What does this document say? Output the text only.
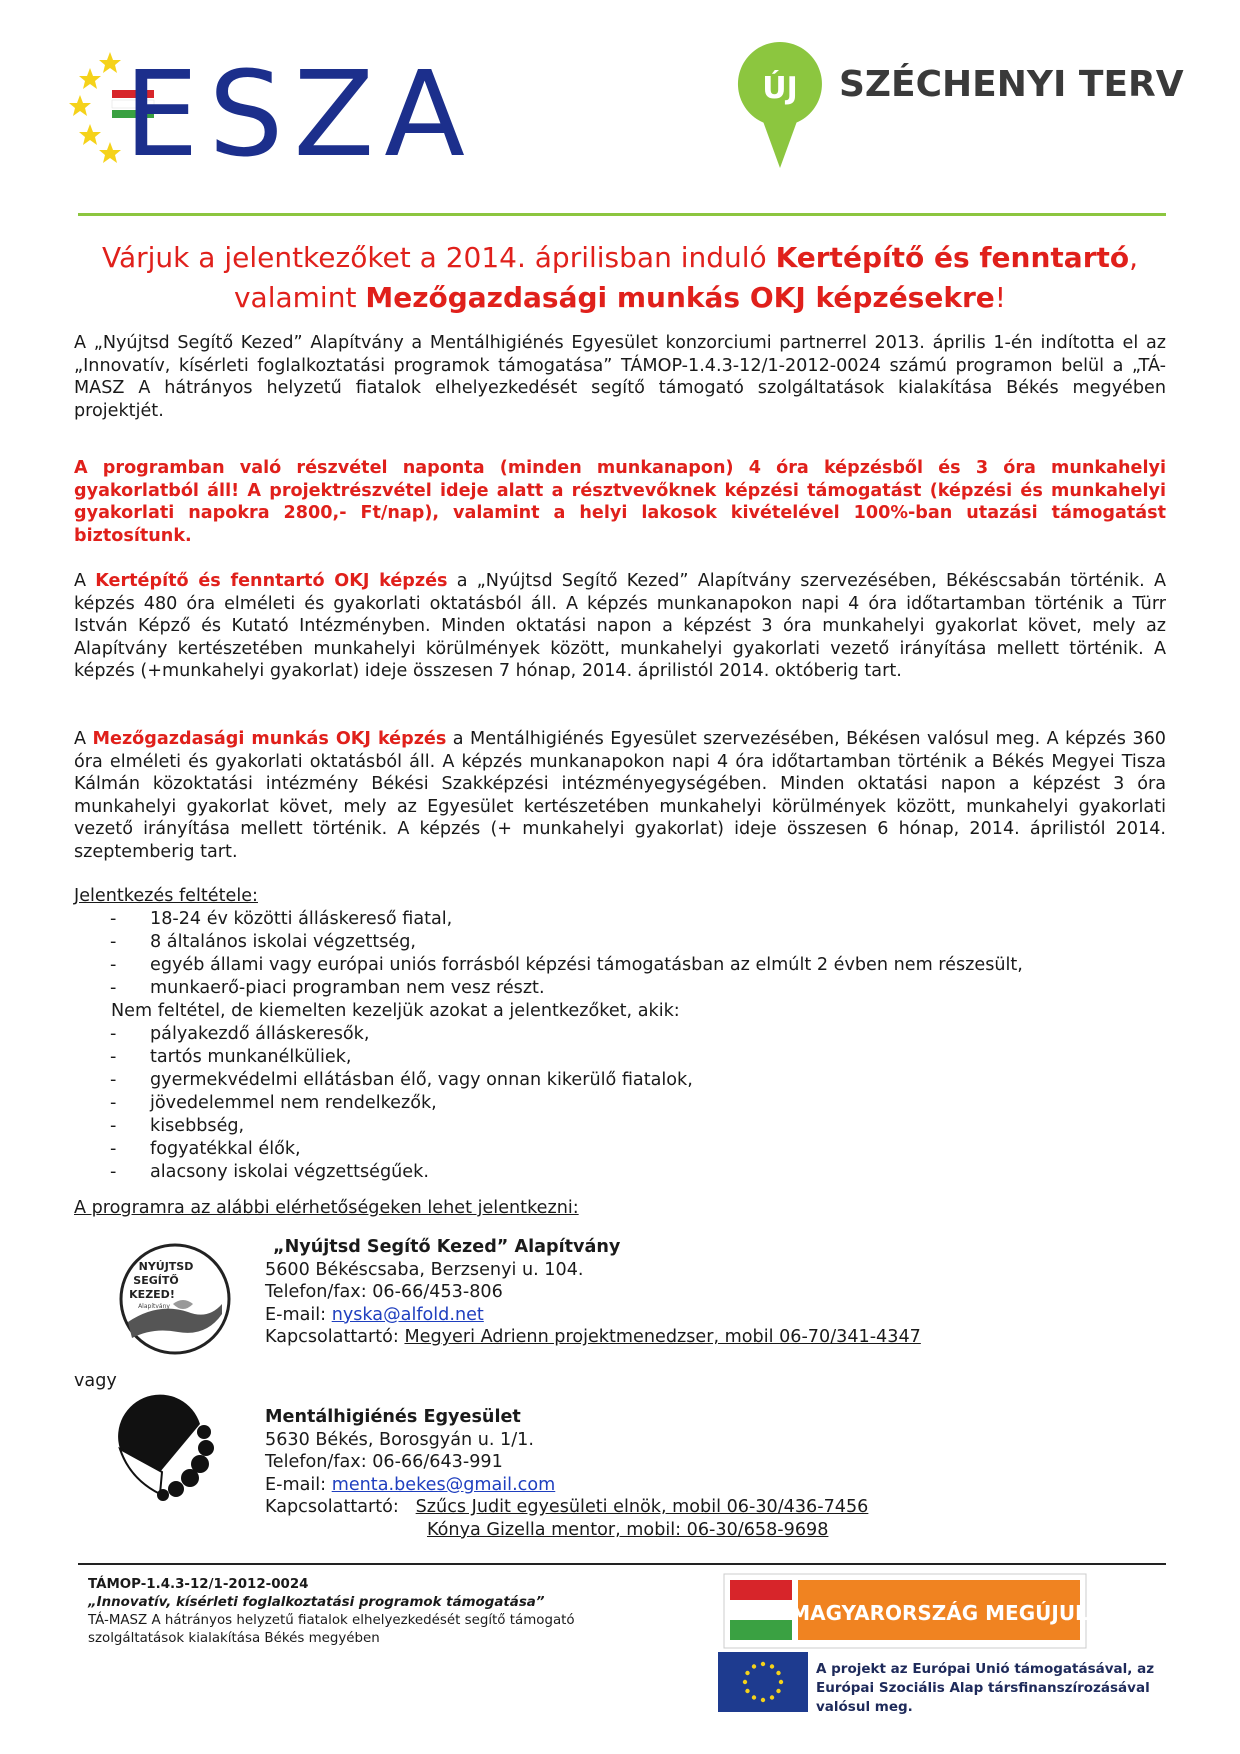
ESZA	ÚJ SZÉCHENYI TERV
Várjuk a jelentkezőket a 2014. áprilisban induló Kertépítő és fenntartó,
valamint Mezőgazdasági munkás OKJ képzésekre!
A „Nyújtsd Segítő Kezed” Alapítvány a Mentálhigiénés Egyesület konzorciumi partnerrel 2013. április 1-én indította el az „Innovatív, kísérleti foglalkoztatási programok támogatása” TÁMOP-1.4.3-12/1-2012-0024 számú programon belül a „TÁ-MASZ A hátrányos helyzetű fiatalok elhelyezkedését segítő támogató szolgáltatások kialakítása Békés megyében projektjét.
A programban való részvétel naponta (minden munkanapon) 4 óra képzésből és 3 óra munkahelyi gyakorlatból áll! A projektrészvétel ideje alatt a résztvevőknek képzési támogatást (képzési és munkahelyi gyakorlati napokra 2800,- Ft/nap), valamint a helyi lakosok kivételével 100%-ban utazási támogatást biztosítunk.
A Kertépítő és fenntartó OKJ képzés a „Nyújtsd Segítő Kezed” Alapítvány szervezésében, Békéscsabán történik. A képzés 480 óra elméleti és gyakorlati oktatásból áll. A képzés munkanapokon napi 4 óra időtartamban történik a Türr István Képző és Kutató Intézményben. Minden oktatási napon a képzést 3 óra munkahelyi gyakorlat követ, mely az Alapítvány kertészetében munkahelyi körülmények között, munkahelyi gyakorlati vezető irányítása mellett történik. A képzés (+munkahelyi gyakorlat) ideje összesen 7 hónap, 2014. áprilistól 2014. októberig tart.
A Mezőgazdasági munkás OKJ képzés a Mentálhigiénés Egyesület szervezésében, Békésen valósul meg. A képzés 360 óra elméleti és gyakorlati oktatásból áll. A képzés munkanapokon napi 4 óra időtartamban történik a Békés Megyei Tisza Kálmán közoktatási intézmény Békési Szakképzési intézményegységében. Minden oktatási napon a képzést 3 óra munkahelyi gyakorlat követ, mely az Egyesület kertészetében munkahelyi körülmények között, munkahelyi gyakorlati vezető irányítása mellett történik. A képzés (+ munkahelyi gyakorlat) ideje összesen 6 hónap, 2014. áprilistól 2014. szeptemberig tart.
Jelentkezés feltétele:
- 18-24 év közötti álláskereső fiatal,
- 8 általános iskolai végzettség,
- egyéb állami vagy európai uniós forrásból képzési támogatásban az elmúlt 2 évben nem részesült,
- munkaerő-piaci programban nem vesz részt.
Nem feltétel, de kiemelten kezeljük azokat a jelentkezőket, akik:
- pályakezdő álláskeresők,
- tartós munkanélküliek,
- gyermekvédelmi ellátásban élő, vagy onnan kikerülő fiatalok,
- jövedelemmel nem rendelkezők,
- kisebbség,
- fogyatékkal élők,
- alacsony iskolai végzettségűek.
A programra az alábbi elérhetőségeken lehet jelentkezni:
NYÚJTSD
SEGÍTŐ
KEZED!
Alapítvány
„Nyújtsd Segítő Kezed” Alapítvány
5600 Békéscsaba, Berzsenyi u. 104.
Telefon/fax: 06-66/453-806
E-mail: nyska@alfold.net
Kapcsolattartó: Megyeri Adrienn projektmenedzser, mobil 06-70/341-4347
vagy
Mentálhigiénés Egyesület
5630 Békés, Borosgyán u. 1/1.
Telefon/fax: 06-66/643-991
E-mail: menta.bekes@gmail.com
Kapcsolattartó:   Szűcs Judit egyesületi elnök, mobil 06-30/436-7456
Kónya Gizella mentor, mobil: 06-30/658-9698
TÁMOP-1.4.3-12/1-2012-0024
„Innovatív, kísérleti foglalkoztatási programok támogatása”
TÁ-MASZ A hátrányos helyzetű fiatalok elhelyezkedését segítő támogató szolgáltatások kialakítása Békés megyében
MAGYARORSZÁG MEGÚJUL
A projekt az Európai Unió támogatásával, az Európai Szociális Alap társfinanszírozásával valósul meg.
